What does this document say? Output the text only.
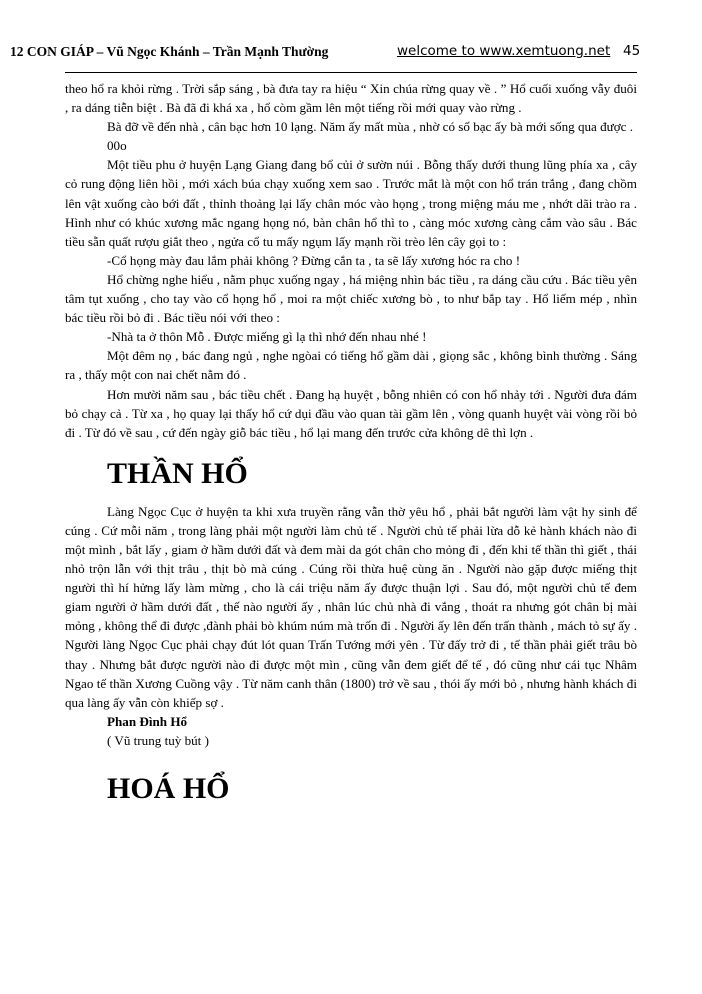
12 CON GIÁP – Vũ Ngọc Khánh – Trần Mạnh Thường	welcome to www.xemtuong.net 45

theo hổ ra khỏi rừng . Trời sắp sáng , bà đưa tay ra hiệu “ Xin chúa rừng quay về . ” Hổ cuối xuống vẫy đuôi , ra dáng tiễn biệt . Bà đã đi khá xa , hổ còm gầm lên một tiếng rồi mới quay vào rừng .

Bà đỡ về đến nhà , cân bạc hơn 10 lạng. Năm ấy mất mùa , nhờ có số bạc ấy bà mới sống qua được .

00o

Một tiều phu ở huyện Lạng Giang đang bổ củi ở sườn núi . Bỗng thấy dưới thung lũng phía xa , cây cỏ rung động liên hồi , mới xách búa chạy xuống xem sao . Trước mắt là một con hổ trán trắng , đang chồm lên vật xuống cào bới đất , thỉnh thoảng lại lấy chân móc vào họng , trong miệng máu me , nhớt dãi trào ra . Hình như có khúc xương mắc ngang họng nó, bàn chân hổ thì to , càng móc xương càng cắm vào sâu . Bác tiều sẵn quất rượu giắt theo , ngửa cổ tu mấy ngụm lấy mạnh rồi trèo lên cây gọi to :

-Cổ họng mày đau lắm phải không ? Đừng cắn ta , ta sẽ lấy xương hóc ra cho !

Hổ chừng nghe hiểu , nằm phục xuống ngay , há miệng nhìn bác tiều , ra dáng cầu cứu . Bác tiều yên tâm tụt xuống , cho tay vào cổ họng hổ , moi ra một chiếc xương bò , to như bắp tay . Hổ liếm mép , nhìn bác tiều rồi bỏ đi . Bác tiều nói với theo :

-Nhà ta ở thôn Mỗ . Được miếng gì lạ thì nhớ đến nhau nhé !

Một đêm nọ , bác đang ngủ , nghe ngòai có tiếng hổ gầm dài , giọng sắc , không bình thường . Sáng ra , thấy một con nai chết nằm đó .

Hơn mười năm sau , bác tiều chết . Đang hạ huyệt , bỗng nhiên có con hổ nhảy tới . Người đưa đám bỏ chạy cả . Từ xa , họ quay lại thấy hổ cứ dụi đầu vào quan tài gầm lên , vòng quanh huyệt vài vòng rồi bỏ đi . Từ đó về sau , cứ đến ngày giỗ bác tiều , hổ lại mang đến trước cửa không dê thì lợn .

THẦN HỔ

Làng Ngọc Cục ở huyện ta khi xưa truyền rằng vẫn thờ yêu hổ , phải bắt người làm vật hy sinh để cúng . Cứ mỗi năm , trong làng phải một người làm chủ tế . Người chủ tế phải lừa dỗ kẻ hành khách nào đi một mình , bắt lấy , giam ở hầm dưới đất và đem mài da gót chân cho mỏng đi , đến khi tế thần thì giết , thái nhỏ trộn lẫn với thịt trâu , thịt bò mà cúng . Cúng rồi thừa huệ cùng ăn . Người nào gặp được miếng thịt người thì hí hửng lấy làm mừng , cho là cái triệu năm ấy được thuận lợi . Sau đó, một người chủ tế đem giam người ở hầm dưới đất , thế nào người ấy , nhân lúc chủ nhà đi vắng , thoát ra nhưng gót chân bị mài mỏng , không thể đi được ,đành phải bò khúm núm mà trốn đi . Người ấy lên đến trấn thành , mách tỏ sự ấy . Người làng Ngọc Cục phải chạy đút lót quan Trấn Tướng mới yên . Từ đấy trở đi , tế thần phải giết trâu bò thay . Nhưng bắt được người nào đi được một mìn , cũng vẫn đem giết để tế , đó cũng như cái tục Nhâm Ngao tế thần Xương Cuồng vậy . Từ năm canh thân (1800) trở về sau , thói ấy mới bỏ , nhưng hành khách đi qua làng ấy vẫn còn khiếp sợ .

Phan Đình Hổ

( Vũ trung tuỳ bút )

HOÁ HỔ
